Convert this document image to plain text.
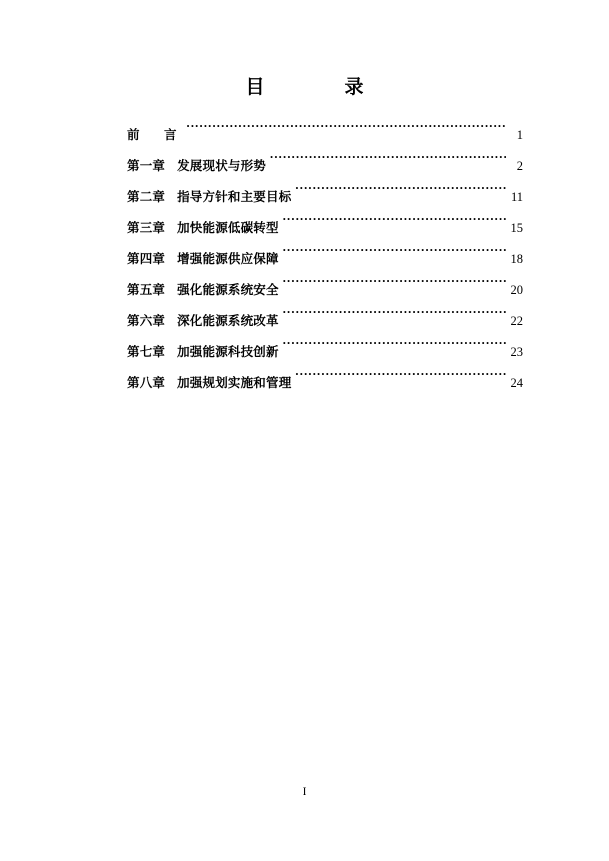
目　　录
前　言 .....	1
第一章 发展现状与形势 .....	2
第二章 指导方针和主要目标 .....	11
第三章 加快能源低碳转型 .....	15
第四章 增强能源供应保障 .....	18
第五章 强化能源系统安全 .....	20
第六章 深化能源系统改革 .....	22
第七章 加强能源科技创新 .....	23
第八章 加强规划实施和管理 .....	24
I
